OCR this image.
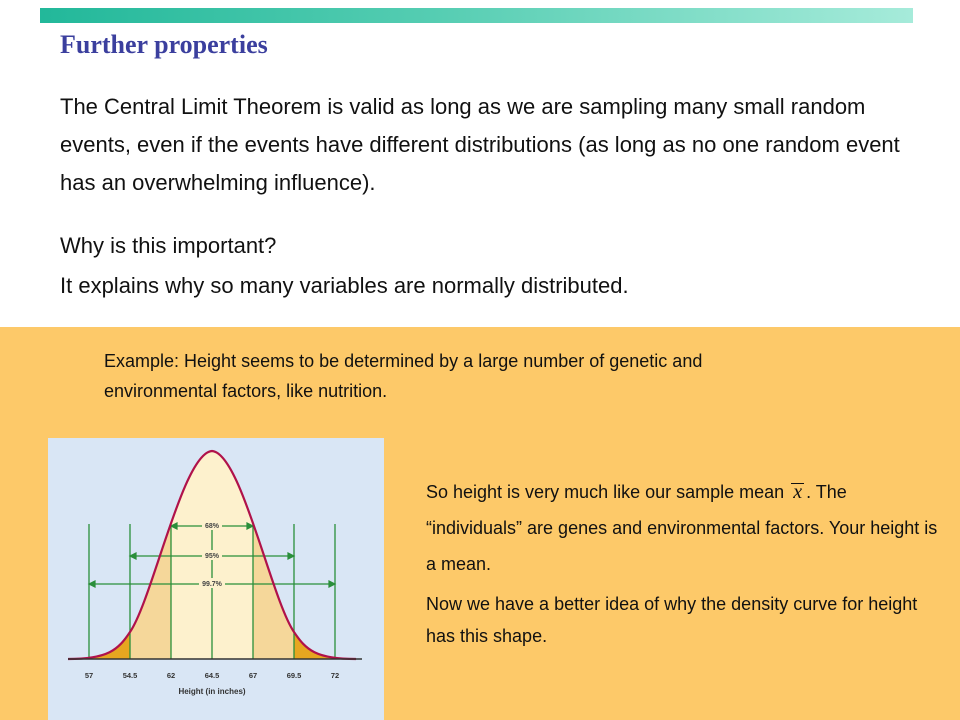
Further properties

The Central Limit Theorem is valid as long as we are sampling many small random events, even if the events have different distributions (as long as no one random event has an overwhelming influence).

Why is this important?
It explains why so many variables are normally distributed.

Example: Height seems to be determined by a large number of genetic and environmental factors, like nutrition.

68%
95%
99.7%
57	54.5	62	64.5	67	69.5	72
Height (in inches)

So height is very much like our sample mean x . The “individuals” are genes and environmental factors. Your height is a mean.

Now we have a better idea of why the density curve for height has this shape.
